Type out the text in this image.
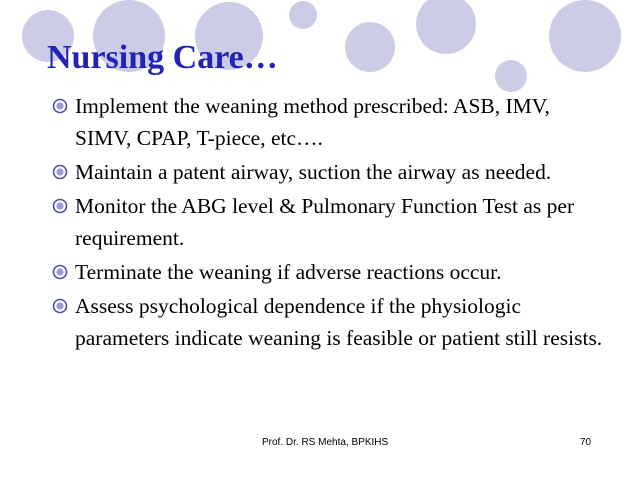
Nursing Care…
Implement the weaning method prescribed: ASB, IMV, SIMV, CPAP, T-piece, etc….
Maintain a patent airway, suction the airway as needed.
Monitor the ABG level & Pulmonary Function Test as per requirement.
Terminate the weaning if adverse reactions occur.
Assess psychological dependence if the physiologic parameters indicate weaning is feasible or patient still resists.
Prof. Dr. RS Mehta, BPKIHS	70
